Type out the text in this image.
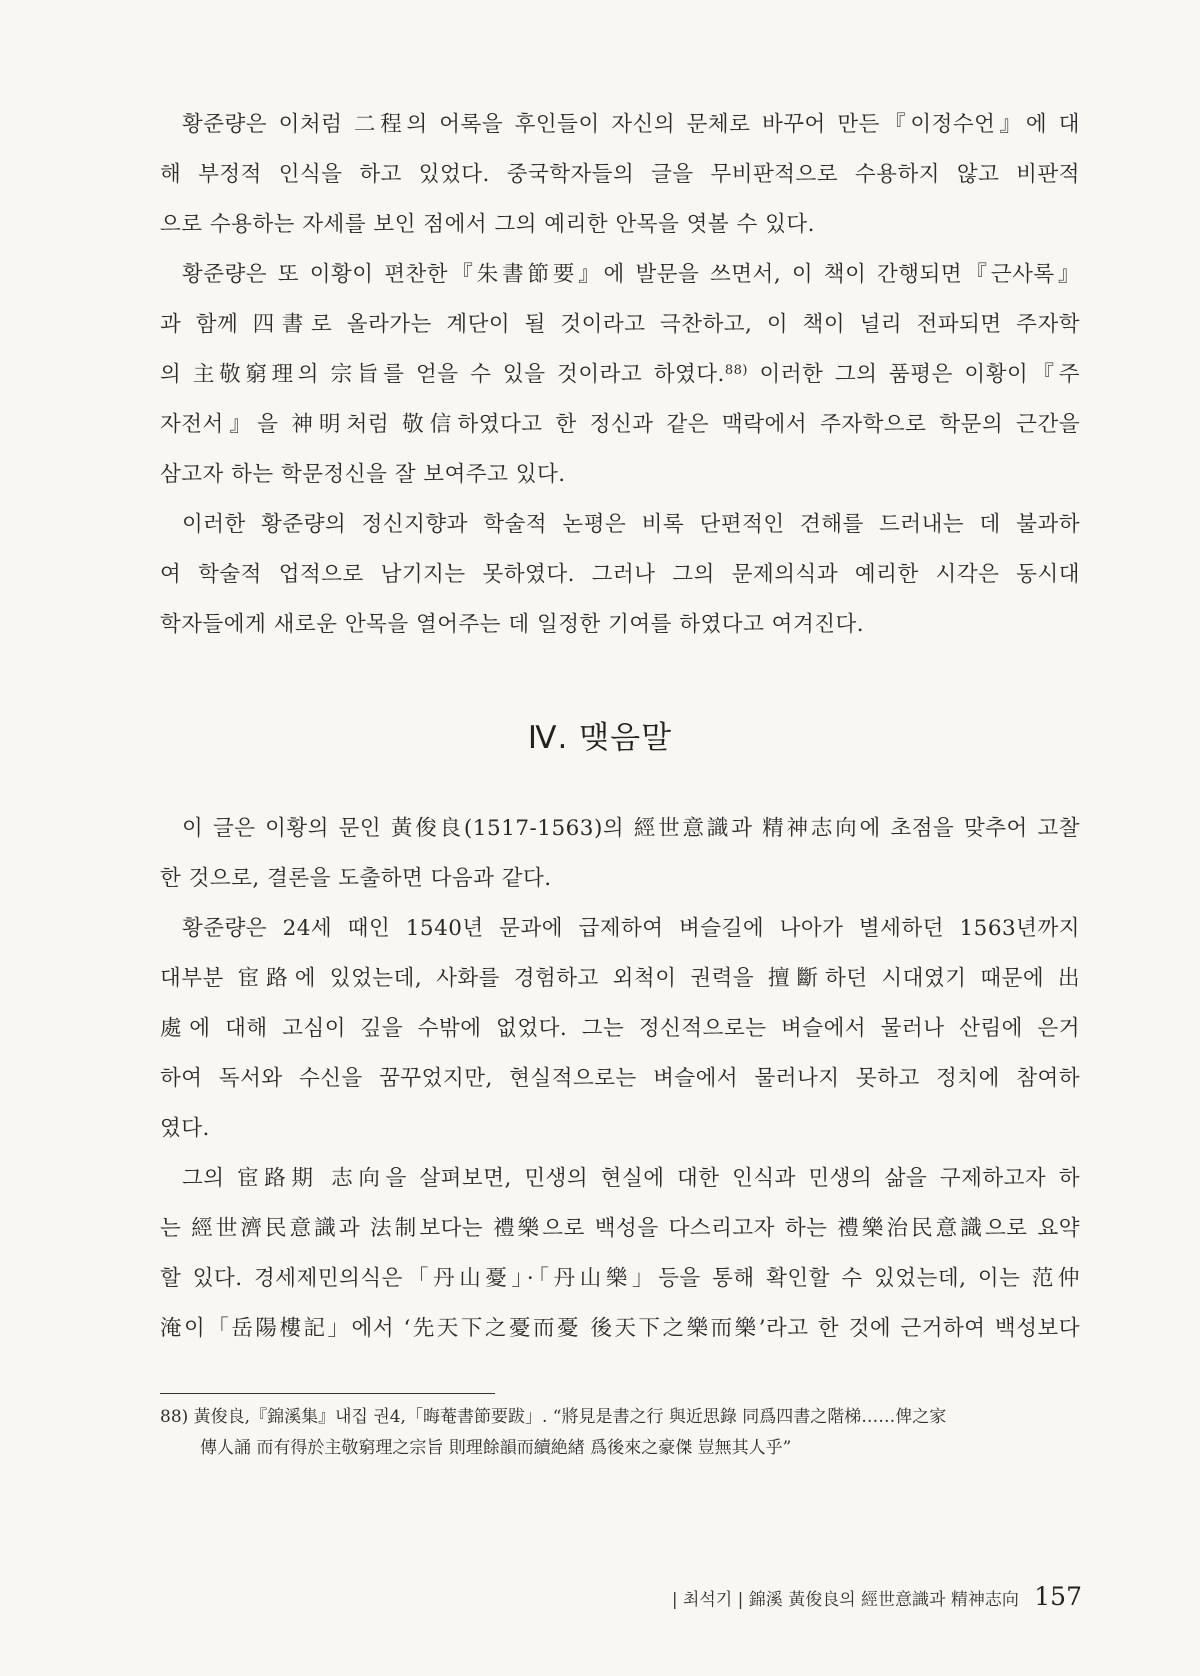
황준량은 이처럼 二程의 어록을 후인들이 자신의 문체로 바꾸어 만든『이정수언』에 대
해 부정적 인식을 하고 있었다. 중국학자들의 글을 무비판적으로 수용하지 않고 비판적
으로 수용하는 자세를 보인 점에서 그의 예리한 안목을 엿볼 수 있다.
황준량은 또 이황이 편찬한『朱書節要』에 발문을 쓰면서, 이 책이 간행되면『근사록』
과 함께 四書로 올라가는 계단이 될 것이라고 극찬하고, 이 책이 널리 전파되면 주자학
의 主敬窮理의 宗旨를 얻을 수 있을 것이라고 하였다.$^{88)}$ 이러한 그의 품평은 이황이『주
자전서』을 神明처럼 敬信하였다고 한 정신과 같은 맥락에서 주자학으로 학문의 근간을
삼고자 하는 학문정신을 잘 보여주고 있다.
이러한 황준량의 정신지향과 학술적 논평은 비록 단편적인 견해를 드러내는 데 불과하
여 학술적 업적으로 남기지는 못하였다. 그러나 그의 문제의식과 예리한 시각은 동시대
학자들에게 새로운 안목을 열어주는 데 일정한 기여를 하였다고 여겨진다.
Ⅳ. 맺음말
이 글은 이황의 문인 黃俊良(1517-1563)의 經世意識과 精神志向에 초점을 맞추어 고찰
한 것으로, 결론을 도출하면 다음과 같다.
황준량은 24세 때인 1540년 문과에 급제하여 벼슬길에 나아가 별세하던 1563년까지
대부분 宦路에 있었는데, 사화를 경험하고 외척이 권력을 擅斷하던 시대였기 때문에 出
處에 대해 고심이 깊을 수밖에 없었다. 그는 정신적으로는 벼슬에서 물러나 산림에 은거
하여 독서와 수신을 꿈꾸었지만, 현실적으로는 벼슬에서 물러나지 못하고 정치에 참여하
였다.
그의 宦路期 志向을 살펴보면, 민생의 현실에 대한 인식과 민생의 삶을 구제하고자 하
는 經世濟民意識과 法制보다는 禮樂으로 백성을 다스리고자 하는 禮樂治民意識으로 요약
할 있다. 경세제민의식은「丹山憂」·「丹山樂」등을 통해 확인할 수 있었는데, 이는 范仲
淹이「岳陽樓記」에서 ‘先天下之憂而憂 後天下之樂而樂’라고 한 것에 근거하여 백성보다
88) 黃俊良,『錦溪集』내집 권4,「晦菴書節要跋」. “將見是書之行 與近思錄 同爲四書之階梯……俾之家
傳人誦 而有得於主敬窮理之宗旨 則理餘韻而續絶緖 爲後來之豪傑 豈無其人乎”
| 최석기 | 錦溪 黃俊良의 經世意識과 精神志向 157
